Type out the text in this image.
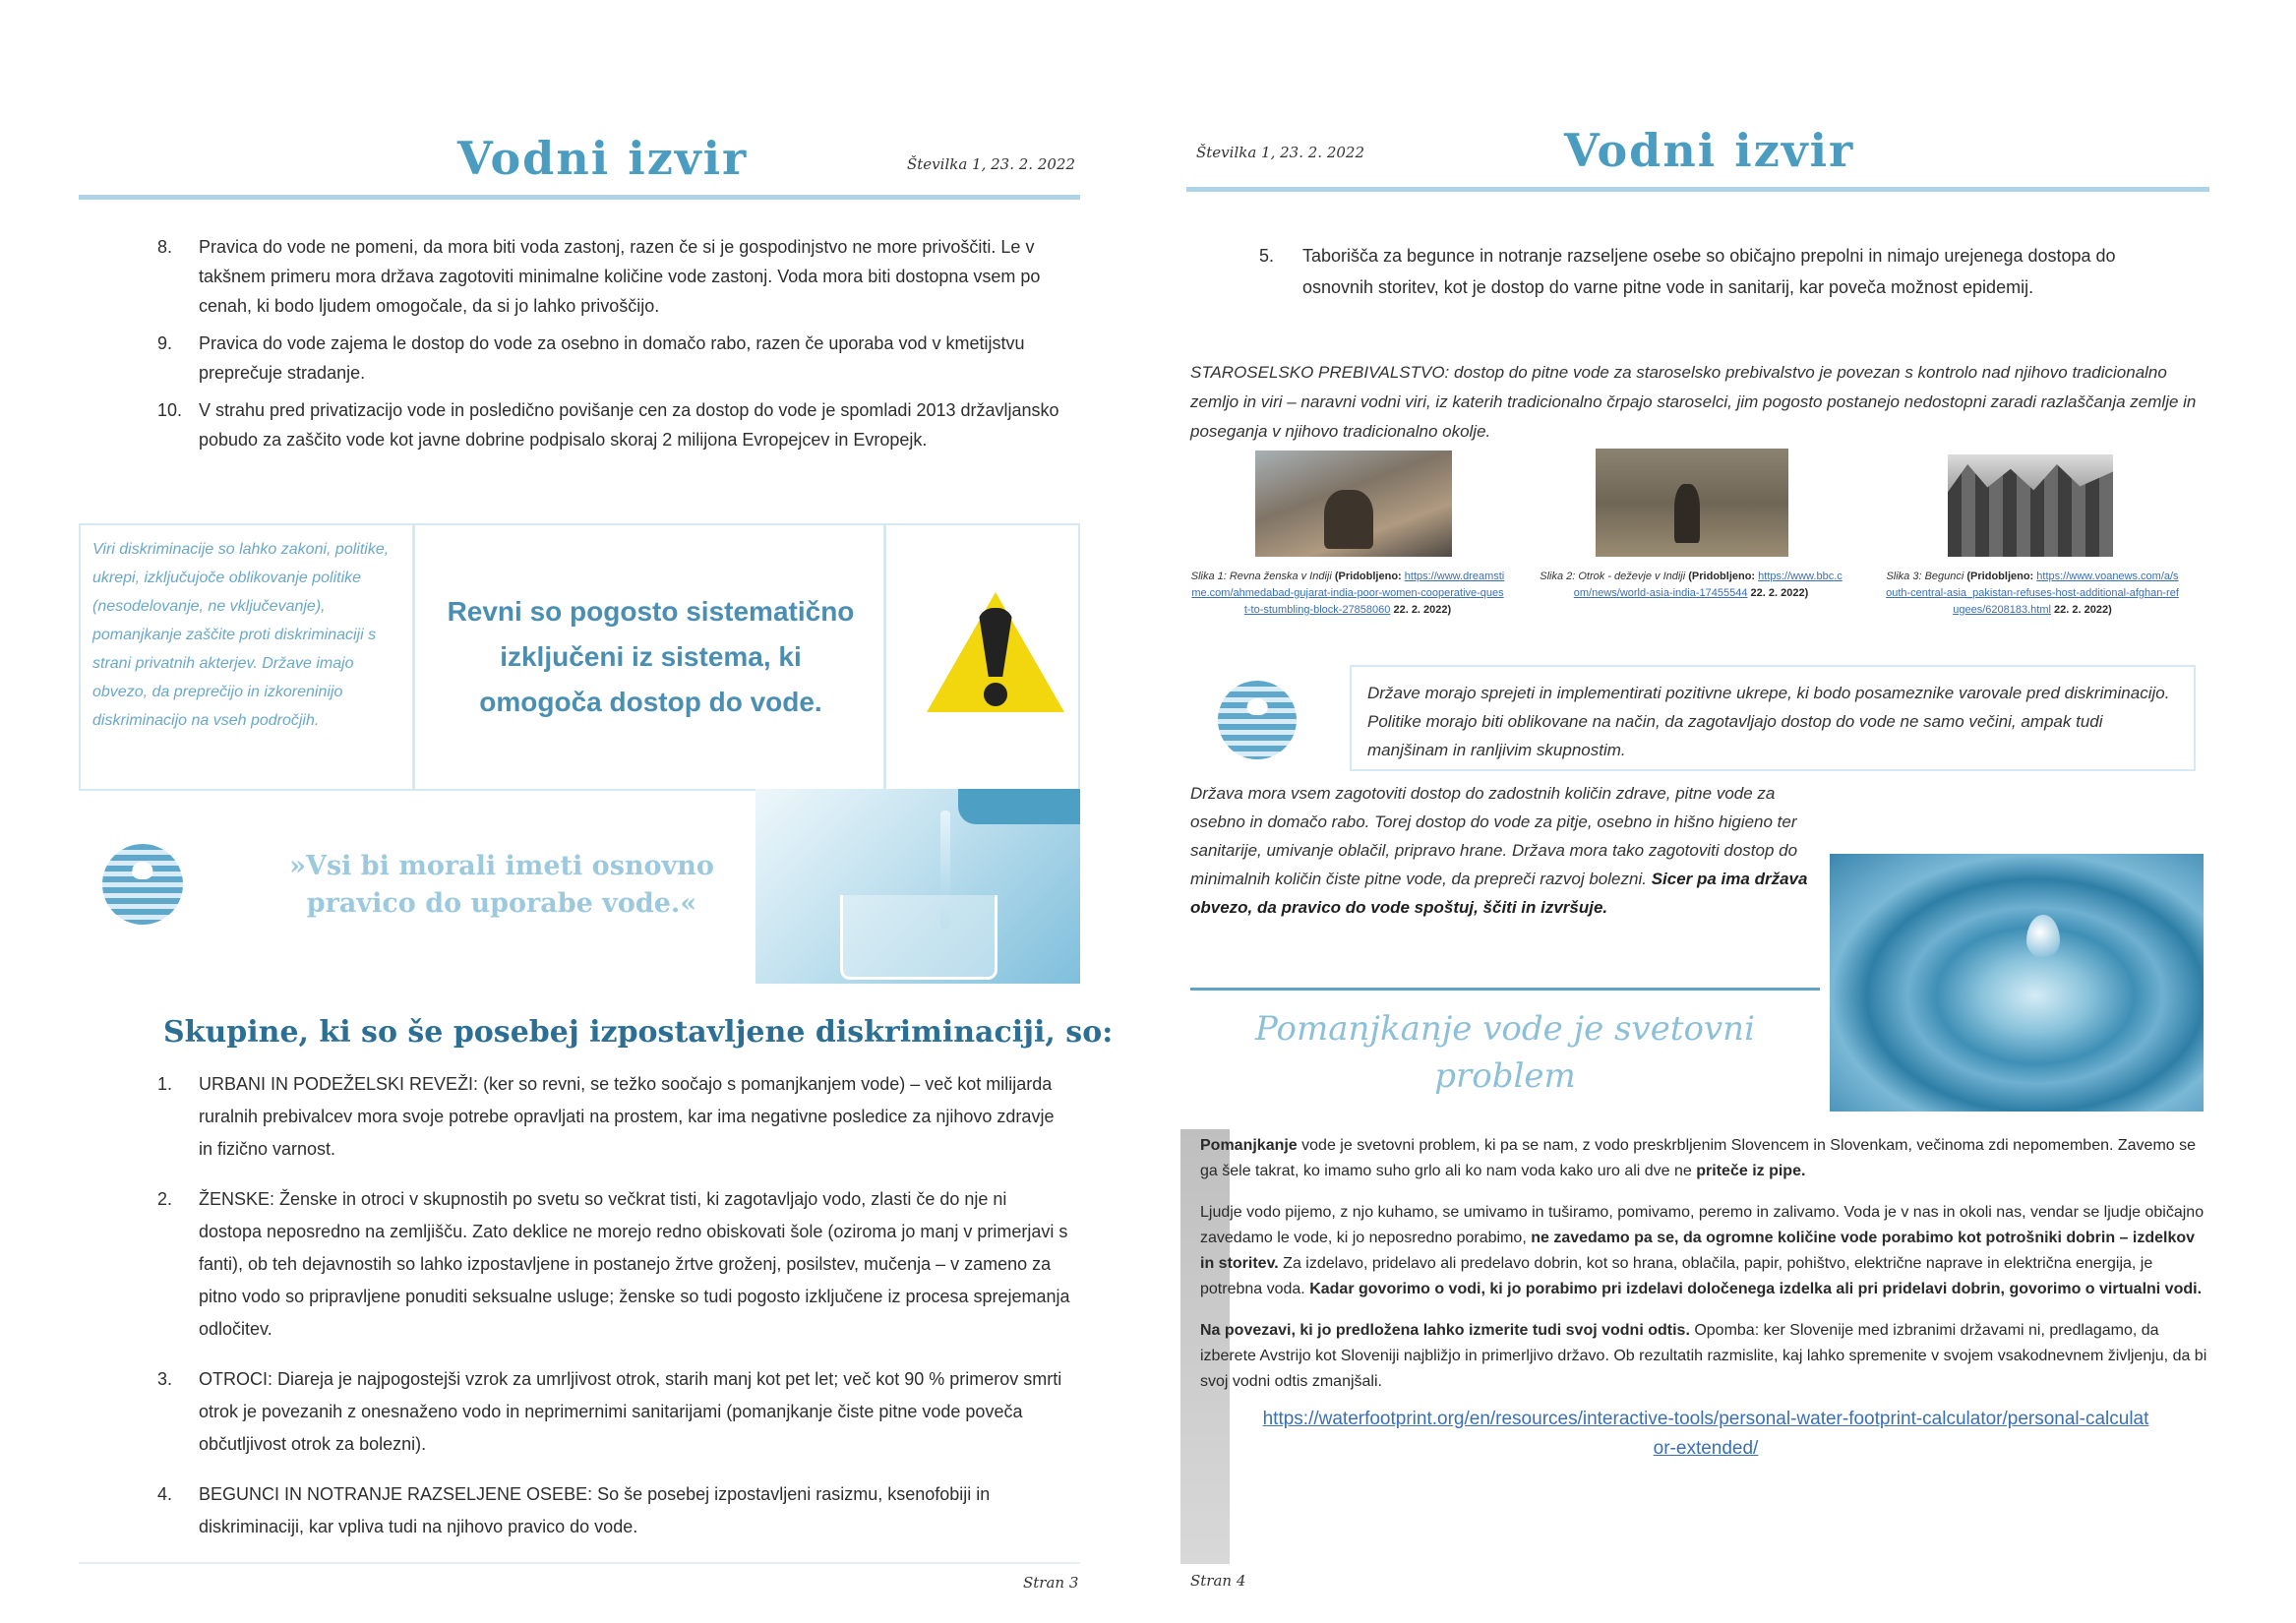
Vodni izvir	Številka 1, 23. 2. 2022
8. Pravica do vode ne pomeni, da mora biti voda zastonj, razen če si je gospodinjstvo ne more privoščiti. Le v takšnem primeru mora država zagotoviti minimalne količine vode zastonj. Voda mora biti dostopna vsem po cenah, ki bodo ljudem omogočale, da si jo lahko privoščijo.
9. Pravica do vode zajema le dostop do vode za osebno in domačo rabo, razen če uporaba vod v kmetijstvu preprečuje stradanje.
10. V strahu pred privatizacijo vode in posledično povišanje cen za dostop do vode je spomladi 2013 državljansko pobudo za zaščito vode kot javne dobrine podpisalo skoraj 2 milijona Evropejcev in Evropejk.
Viri diskriminacije so lahko zakoni, politike, ukrepi, izključujoče oblikovanje politike (nesodelovanje, ne vključevanje), pomanjkanje zaščite proti diskriminaciji s strani privatnih akterjev. Države imajo obvezo, da preprečijo in izkoreninijo diskriminacijo na vseh področjih.
Revni so pogosto sistematično izključeni iz sistema, ki omogoča dostop do vode.
»Vsi bi morali imeti osnovno pravico do uporabe vode.«
Skupine, ki so še posebej izpostavljene diskriminaciji, so:
1. URBANI IN PODEŽELSKI REVEŽI: (ker so revni, se težko soočajo s pomanjkanjem vode) – več kot milijarda ruralnih prebivalcev mora svoje potrebe opravljati na prostem, kar ima negativne posledice za njihovo zdravje in fizično varnost.
2. ŽENSKE: Ženske in otroci v skupnostih po svetu so večkrat tisti, ki zagotavljajo vodo, zlasti če do nje ni dostopa neposredno na zemljišču. Zato deklice ne morejo redno obiskovati šole (oziroma jo manj v primerjavi s fanti), ob teh dejavnostih so lahko izpostavljene in postanejo žrtve groženj, posilstev, mučenja – v zameno za pitno vodo so pripravljene ponuditi seksualne usluge; ženske so tudi pogosto izključene iz procesa sprejemanja odločitev.
3. OTROCI: Diareja je najpogostejši vzrok za umrljivost otrok, starih manj kot pet let; več kot 90 % primerov smrti otrok je povezanih z onesnaženo vodo in neprimernimi sanitarijami (pomanjkanje čiste pitne vode poveča občutljivost otrok za bolezni).
4. BEGUNCI IN NOTRANJE RAZSELJENE OSEBE: So še posebej izpostavljeni rasizmu, ksenofobiji in diskriminaciji, kar vpliva tudi na njihovo pravico do vode.
Stran 3
Številka 1, 23. 2. 2022	Vodni izvir
5. Taborišča za begunce in notranje razseljene osebe so običajno prepolni in nimajo urejenega dostopa do osnovnih storitev, kot je dostop do varne pitne vode in sanitarij, kar poveča možnost epidemij.
STAROSELSKO PREBIVALSTVO: dostop do pitne vode za staroselsko prebivalstvo je povezan s kontrolo nad njihovo tradicionalno zemljo in viri – naravni vodni viri, iz katerih tradicionalno črpajo staroselci, jim pogosto postanejo nedostopni zaradi razlaščanja zemlje in poseganja v njihovo tradicionalno okolje.
Slika 1: Revna ženska v Indiji (Pridobljeno: https://www.dreamstime.com/ahmedabad-gujarat-india-poor-women-cooperative-quest-to-stumbling-block-27858060 22. 2. 2022)
Slika 2: Otrok - deževje v Indiji (Pridobljeno: https://www.bbc.com/news/world-asia-india-17455544 22. 2. 2022)
Slika 3: Begunci (Pridobljeno: https://www.voanews.com/a/south-central-asia_pakistan-refuses-host-additional-afghan-refugees/6208183.html 22. 2. 2022)
Države morajo sprejeti in implementirati pozitivne ukrepe, ki bodo posameznike varovale pred diskriminacijo. Politike morajo biti oblikovane na način, da zagotavljajo dostop do vode ne samo večini, ampak tudi manjšinam in ranljivim skupnostim.
Država mora vsem zagotoviti dostop do zadostnih količin zdrave, pitne vode za osebno in domačo rabo. Torej dostop do vode za pitje, osebno in hišno higieno ter sanitarije, umivanje oblačil, pripravo hrane. Država mora tako zagotoviti dostop do minimalnih količin čiste pitne vode, da prepreči razvoj bolezni. Sicer pa ima država obvezo, da pravico do vode spoštuj, ščiti in izvršuje.
Pomanjkanje vode je svetovni problem

Pomanjkanje vode je svetovni problem, ki pa se nam, z vodo preskrbljenim Slovencem in Slovenkam, večinoma zdi nepomemben. Zavemo se ga šele takrat, ko imamo suho grlo ali ko nam voda kako uro ali dve ne priteče iz pipe.

Ljudje vodo pijemo, z njo kuhamo, se umivamo in tuširamo, pomivamo, peremo in zalivamo. Voda je v nas in okoli nas, vendar se ljudje običajno zavedamo le vode, ki jo neposredno porabimo, ne zavedamo pa se, da ogromne količine vode porabimo kot potrošniki dobrin – izdelkov in storitev. Za izdelavo, pridelavo ali predelavo dobrin, kot so hrana, oblačila, papir, pohištvo, električne naprave in električna energija, je potrebna voda. Kadar govorimo o vodi, ki jo porabimo pri izdelavi določenega izdelka ali pri pridelavi dobrin, govorimo o virtualni vodi.

Na povezavi, ki jo predložena lahko izmerite tudi svoj vodni odtis. Opomba: ker Slovenije med izbranimi državami ni, predlagamo, da izberete Avstrijo kot Sloveniji najbližjo in primerljivo državo. Ob rezultatih razmislite, kaj lahko spremenite v svojem vsakodnevnem življenju, da bi svoj vodni odtis zmanjšali.

https://waterfootprint.org/en/resources/interactive-tools/personal-water-footprint-calculator/personal-calculator-extended/
Stran 4
